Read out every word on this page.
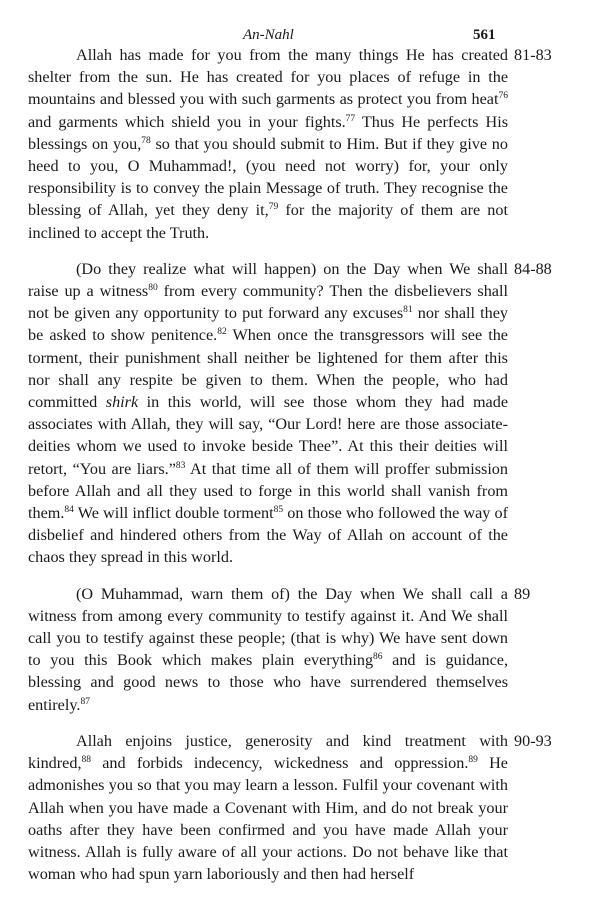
An-Nahl	561

Allah has made for you from the many things He has created shelter from the sun. He has created for you places of refuge in the mountains and blessed you with such garments as protect you from heat$^{76}$ and garments which shield you in your fights.$^{77}$ Thus He perfects His blessings on you,$^{78}$ so that you should submit to Him. But if they give no heed to you, O Muhammad!, (you need not worry) for, your only responsibility is to convey the plain Message of truth. They recognise the blessing of Allah, yet they deny it,$^{79}$ for the majority of them are not inclined to accept the Truth.

81-83

(Do they realize what will happen) on the Day when We shall raise up a witness$^{80}$ from every community? Then the disbelievers shall not be given any opportunity to put forward any excuses$^{81}$ nor shall they be asked to show penitence.$^{82}$ When once the transgressors will see the torment, their punishment shall neither be lightened for them after this nor shall any respite be given to them. When the people, who had committed shirk in this world, will see those whom they had made associates with Allah, they will say, “Our Lord! here are those associate-deities whom we used to invoke beside Thee”. At this their deities will retort, “You are liars.”$^{83}$ At that time all of them will proffer submission before Allah and all they used to forge in this world shall vanish from them.$^{84}$ We will inflict double torment$^{85}$ on those who followed the way of disbelief and hindered others from the Way of Allah on account of the chaos they spread in this world.

84-88

(O Muhammad, warn them of) the Day when We shall call a witness from among every community to testify against it. And We shall call you to testify against these people; (that is why) We have sent down to you this Book which makes plain everything$^{86}$ and is guidance, blessing and good news to those who have surrendered themselves entirely.$^{87}$

89

Allah enjoins justice, generosity and kind treatment with kindred,$^{88}$ and forbids indecency, wickedness and oppression.$^{89}$ He admonishes you so that you may learn a lesson. Fulfil your covenant with Allah when you have made a Covenant with Him, and do not break your oaths after they have been confirmed and you have made Allah your witness. Allah is fully aware of all your actions. Do not behave like that woman who had spun yarn laboriously and then had herself

90-93
